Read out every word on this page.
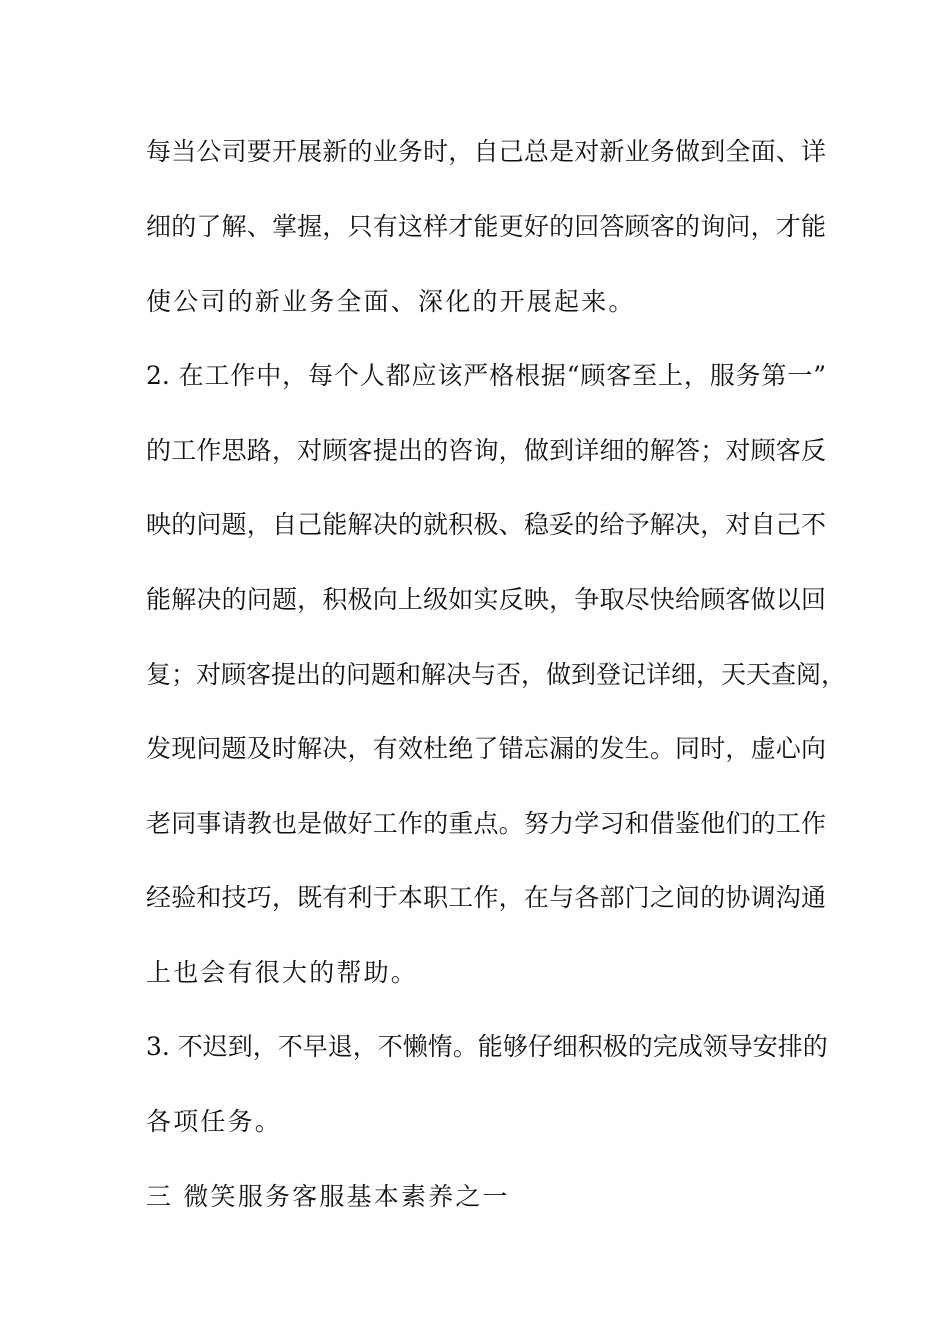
每当公司要开展新的业务时，自己总是对新业务做到全面、详
细的了解、掌握，只有这样才能更好的回答顾客的询问，才能
使公司的新业务全面、深化的开展起来。
2. 在工作中，每个人都应该严格根据“顾客至上，服务第一”
的工作思路，对顾客提出的咨询，做到详细的解答；对顾客反
映的问题，自己能解决的就积极、稳妥的给予解决，对自己不
能解决的问题，积极向上级如实反映，争取尽快给顾客做以回
复；对顾客提出的问题和解决与否，做到登记详细，天天查阅，
发现问题及时解决，有效杜绝了错忘漏的发生。同时，虚心向
老同事请教也是做好工作的重点。努力学习和借鉴他们的工作
经验和技巧，既有利于本职工作，在与各部门之间的协调沟通
上也会有很大的帮助。
3. 不迟到，不早退，不懒惰。能够仔细积极的完成领导安排的
各项任务。
三 微笑服务客服基本素养之一
